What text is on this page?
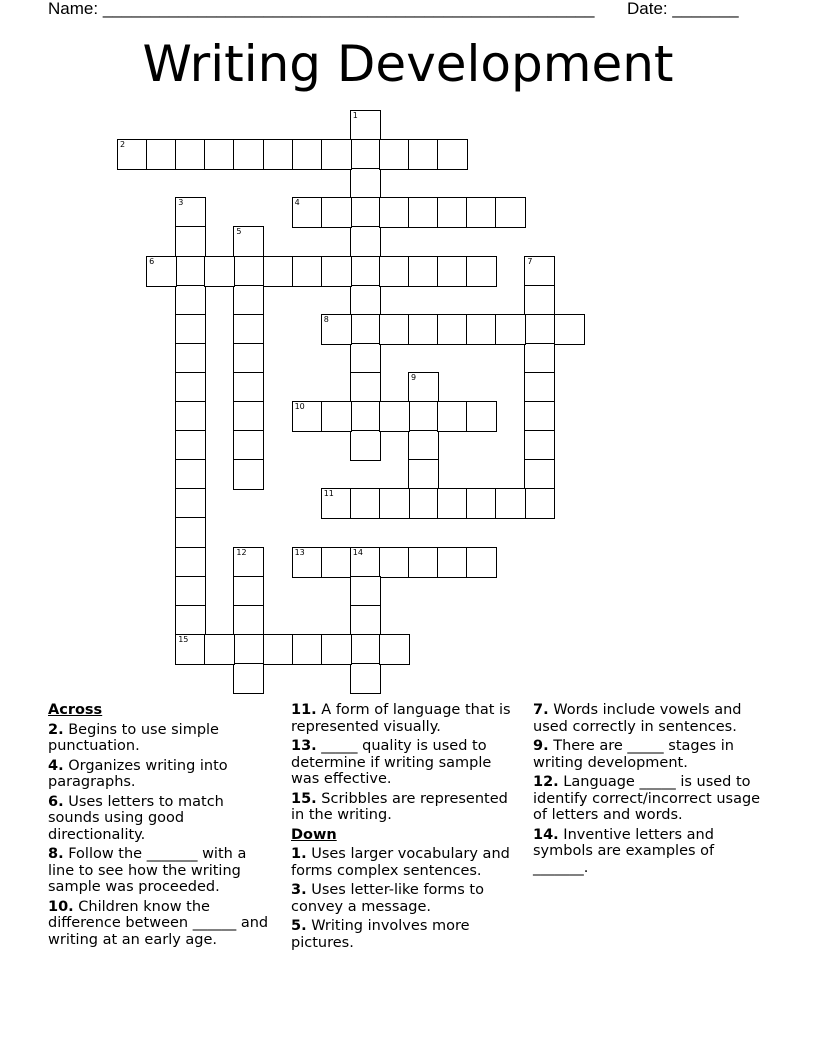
Name: ____________________________________________________ Date: _______
Writing Development
1
2
3
15
4
5
6	7
8
9
10
11
12	13	14
Across
2. Begins to use simple punctuation.
4. Organizes writing into paragraphs.
6. Uses letters to match sounds using good directionality.
8. Follow the _______ with a line to see how the writing sample was proceeded.
10. Children know the difference between ______ and writing at an early age.
11. A form of language that is represented visually.
13. _____ quality is used to determine if writing sample was effective.
15. Scribbles are represented in the writing.
Down
1. Uses larger vocabulary and forms complex sentences.
3. Uses letter-like forms to convey a message.
5. Writing involves more pictures.
7. Words include vowels and used correctly in sentences.
9. There are _____ stages in writing development.
12. Language _____ is used to identify correct/incorrect usage of letters and words.
14. Inventive letters and symbols are examples of _______.
